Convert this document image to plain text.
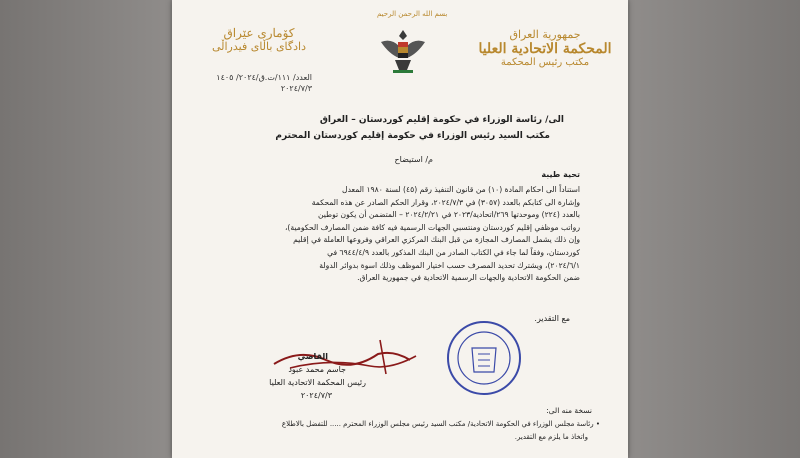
بسم الله الرحمن الرحيم
جمهورية العراق
المحكمة الاتحادية العليا
مكتب رئيس المحكمة
كۆماری عێراق
دادگای باڵای فیدراڵی
العدد/ ١١١/ت.ق/٢٠٢٤/ ١٤٠٥
٢٠٢٤/٧/٣
الى/ رئاسة الوزراء في حكومة إقليم كوردستان – العراق
مكتب السيد رئيس الوزراء في حكومة إقليم كوردستان المحترم
م/ استيضاح
تحية طيبة
استناداً الى احكام المادة (١٠) من قانون التنفيذ رقم (٤٥) لسنة ١٩٨٠ المعدل
وإشارة الى كتابكم بالعدد (٣٠٥٧) في ٢٠٢٤/٧/٣، وقرار الحكم الصادر عن هذه المحكمة
بالعدد (٢٢٤) وموحدتها ٢٦٩/اتحادية/٢٠٢٣ في ٢٠٢٤/٢/٢١ – المتضمن أن يكون توطين
رواتب موظفي إقليم كوردستان ومنتسبي الجهات الرسمية فيه كافة ضمن المصارف الحكومية)،
وإن ذلك يشمل المصارف المجازة من قبل البنك المركزي العراقي وفروعها العاملة في إقليم
كوردستان، وفقاً لما جاء في الكتاب الصادر من البنك المذكور بالعدد ٦٩٤٤/٤/٩ في
٢٠٢٤/٦/١)، ويشترك تحديد المصرف حسب اختيار الموظف وذلك اسوة بدوائر الدولة
ضمن الحكومة الاتحادية والجهات الرسمية الاتحادية في جمهورية العراق.
مع التقدير.
القاضي
جاسم محمد عبود
رئيس المحكمة الاتحادية العليا
٢٠٢٤/٧/٣
نسخة منه الى:
• رئاسة مجلس الوزراء في الحكومة الاتحادية/ مكتب السيد رئيس مجلس الوزراء المحترم ..... للتفضل بالاطلاع
واتخاذ ما يلزم مع التقدير.
